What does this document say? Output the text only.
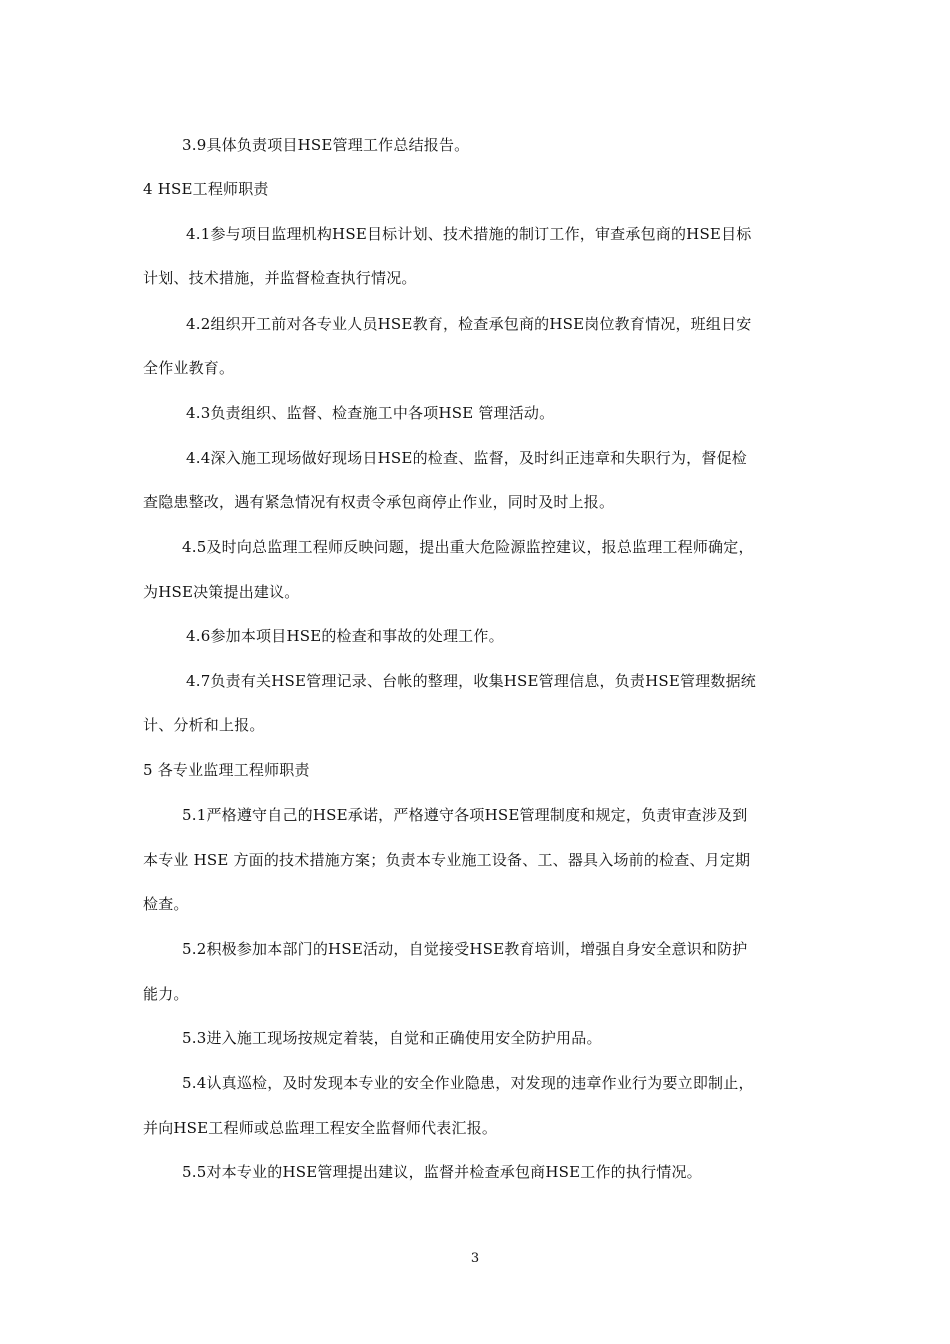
3.9具体负责项目HSE管理工作总结报告。
4 HSE工程师职责
4.1参与项目监理机构HSE目标计划、技术措施的制订工作，审查承包商的HSE目标
计划、技术措施，并监督检查执行情况。
4.2组织开工前对各专业人员HSE教育，检查承包商的HSE岗位教育情况，班组日安
全作业教育。
4.3负责组织、监督、检查施工中各项HSE 管理活动。
4.4深入施工现场做好现场日HSE的检查、监督，及时纠正违章和失职行为，督促检
查隐患整改，遇有紧急情况有权责令承包商停止作业，同时及时上报。
4.5及时向总监理工程师反映问题，提出重大危险源监控建议，报总监理工程师确定，
为HSE决策提出建议。
4.6参加本项目HSE的检查和事故的处理工作。
4.7负责有关HSE管理记录、台帐的整理，收集HSE管理信息，负责HSE管理数据统
计、分析和上报。
5 各专业监理工程师职责
5.1严格遵守自己的HSE承诺，严格遵守各项HSE管理制度和规定，负责审查涉及到
本专业 HSE 方面的技术措施方案；负责本专业施工设备、工、器具入场前的检查、月定期
检查。
5.2积极参加本部门的HSE活动，自觉接受HSE教育培训，增强自身安全意识和防护
能力。
5.3进入施工现场按规定着装，自觉和正确使用安全防护用品。
5.4认真巡检，及时发现本专业的安全作业隐患，对发现的违章作业行为要立即制止，
并向HSE工程师或总监理工程安全监督师代表汇报。
5.5对本专业的HSE管理提出建议，监督并检查承包商HSE工作的执行情况。
3
